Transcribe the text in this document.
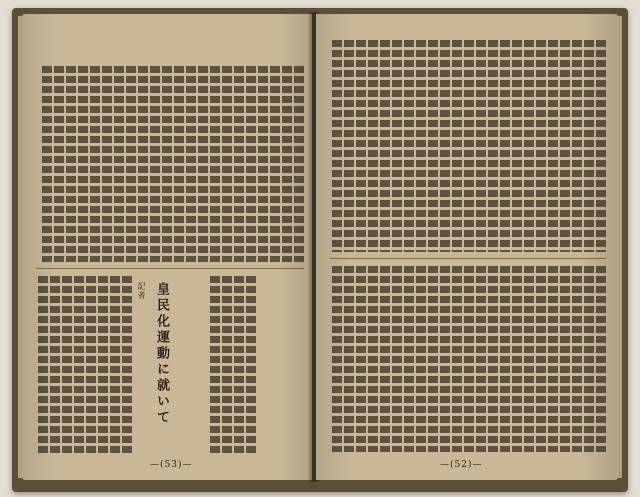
皇民化運動に就いて
記者
—(53)—	—(52)—
